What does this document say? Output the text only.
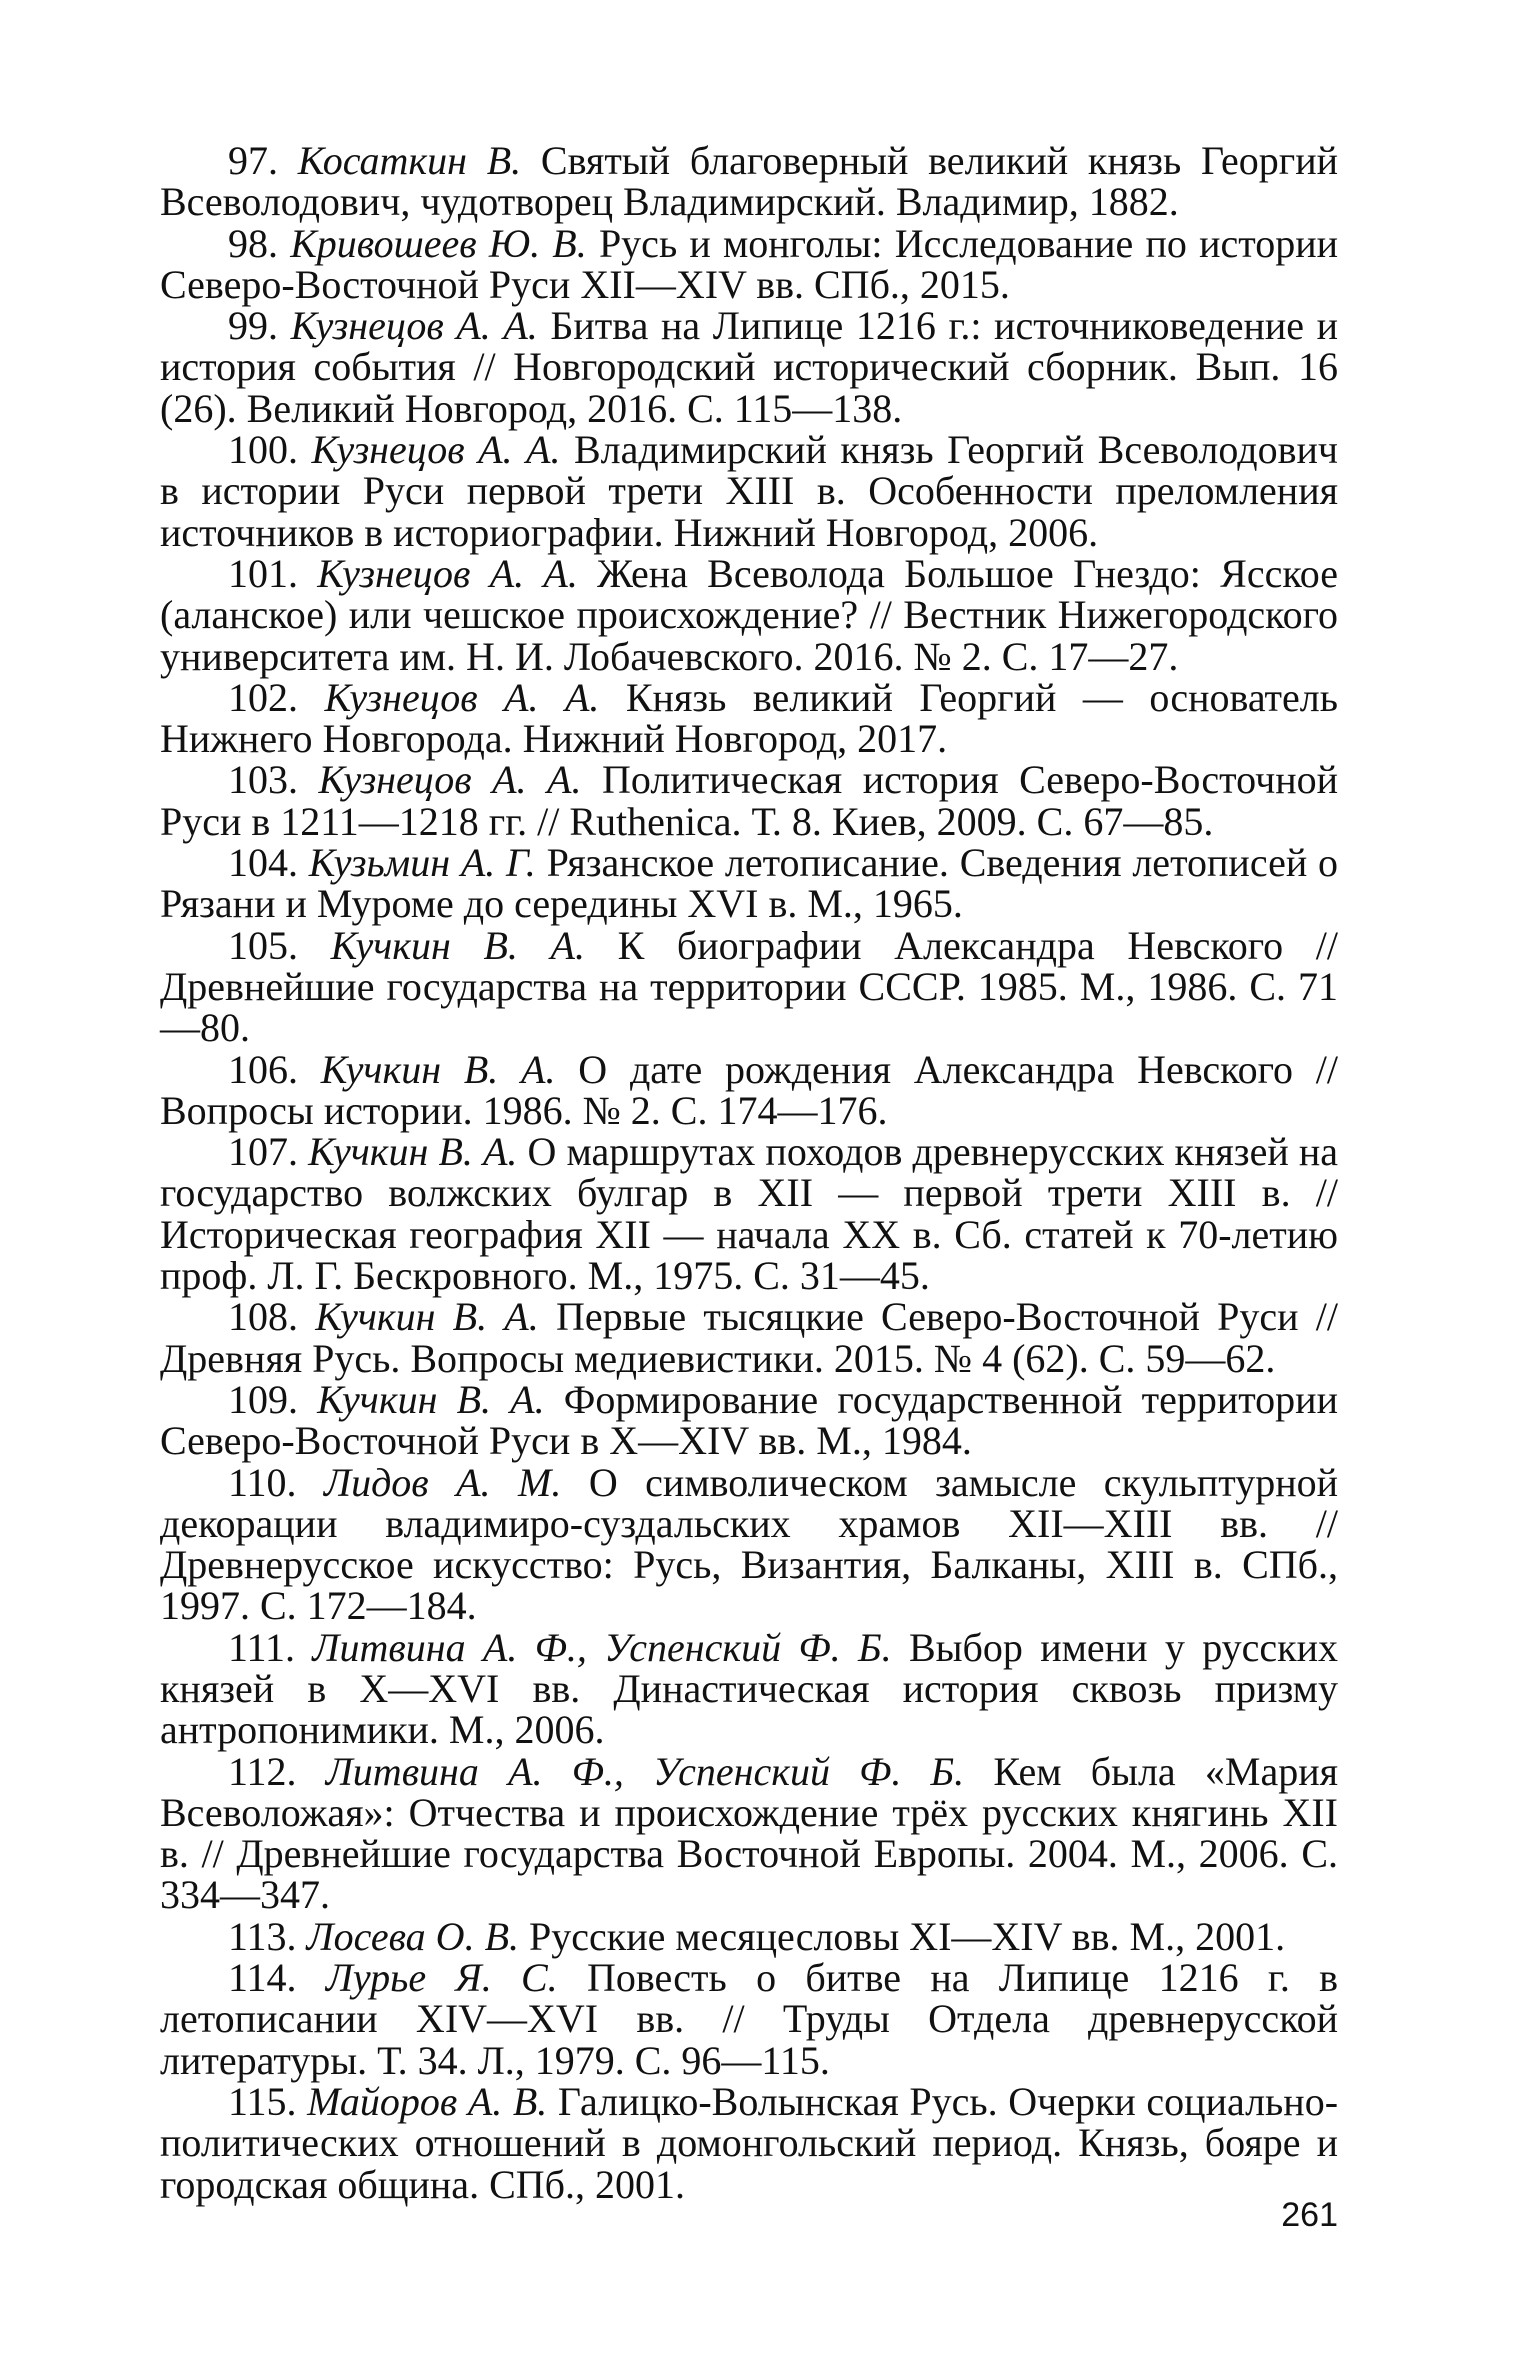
97. Косаткин В. Святый благоверный великий князь Георгий Всеволодович, чудотворец Владимирский. Владимир, 1882.

98. Кривошеев Ю. В. Русь и монголы: Исследование по истории Северо-Восточной Руси XII—XIV вв. СПб., 2015.

99. Кузнецов А. А. Битва на Липице 1216 г.: источниковедение и история события // Новгородский исторический сборник. Вып. 16 (26). Великий Новгород, 2016. С. 115—138.

100. Кузнецов А. А. Владимирский князь Георгий Всеволодович в истории Руси первой трети XIII в. Особенности преломления источников в историографии. Нижний Новгород, 2006.

101. Кузнецов А. А. Жена Всеволода Большое Гнездо: Ясское (аланское) или чешское происхождение? // Вестник Нижегородского университета им. Н. И. Лобачевского. 2016. № 2. С. 17—27.

102. Кузнецов А. А. Князь великий Георгий — основатель Нижнего Новгорода. Нижний Новгород, 2017.

103. Кузнецов А. А. Политическая история Северо-Восточной Руси в 1211—1218 гг. // Ruthenica. Т. 8. Киев, 2009. С. 67—85.

104. Кузьмин А. Г. Рязанское летописание. Сведения летописей о Рязани и Муроме до середины XVI в. М., 1965.

105. Кучкин В. А. К биографии Александра Невского // Древнейшие государства на территории СССР. 1985. М., 1986. С. 71—80.

106. Кучкин В. А. О дате рождения Александра Невского // Вопросы истории. 1986. № 2. С. 174—176.

107. Кучкин В. А. О маршрутах походов древнерусских князей на государство волжских булгар в XII — первой трети XIII в. // Историческая география XII — начала XX в. Сб. статей к 70-летию проф. Л. Г. Бескровного. М., 1975. С. 31—45.

108. Кучкин В. А. Первые тысяцкие Северо-Восточной Руси // Древняя Русь. Вопросы медиевистики. 2015. № 4 (62). С. 59—62.

109. Кучкин В. А. Формирование государственной территории Северо-Восточной Руси в X—XIV вв. М., 1984.

110. Лидов А. М. О символическом замысле скульптурной декорации владимиро-суздальских храмов XII—XIII вв. // Древнерусское искусство: Русь, Византия, Балканы, XIII в. СПб., 1997. С. 172—184.

111. Литвина А. Ф., Успенский Ф. Б. Выбор имени у русских князей в X—XVI вв. Династическая история сквозь призму антропонимики. М., 2006.

112. Литвина А. Ф., Успенский Ф. Б. Кем была «Мария Всеволожая»: Отчества и происхождение трёх русских княгинь XII в. // Древнейшие государства Восточной Европы. 2004. М., 2006. С. 334—347.

113. Лосева О. В. Русские месяцесловы XI—XIV вв. М., 2001.

114. Лурье Я. С. Повесть о битве на Липице 1216 г. в летописании XIV—XVI вв. // Труды Отдела древнерусской литературы. Т. 34. Л., 1979. С. 96—115.

115. Майоров А. В. Галицко-Волынская Русь. Очерки социально-политических отношений в домонгольский период. Князь, бояре и городская община. СПб., 2001.

261
